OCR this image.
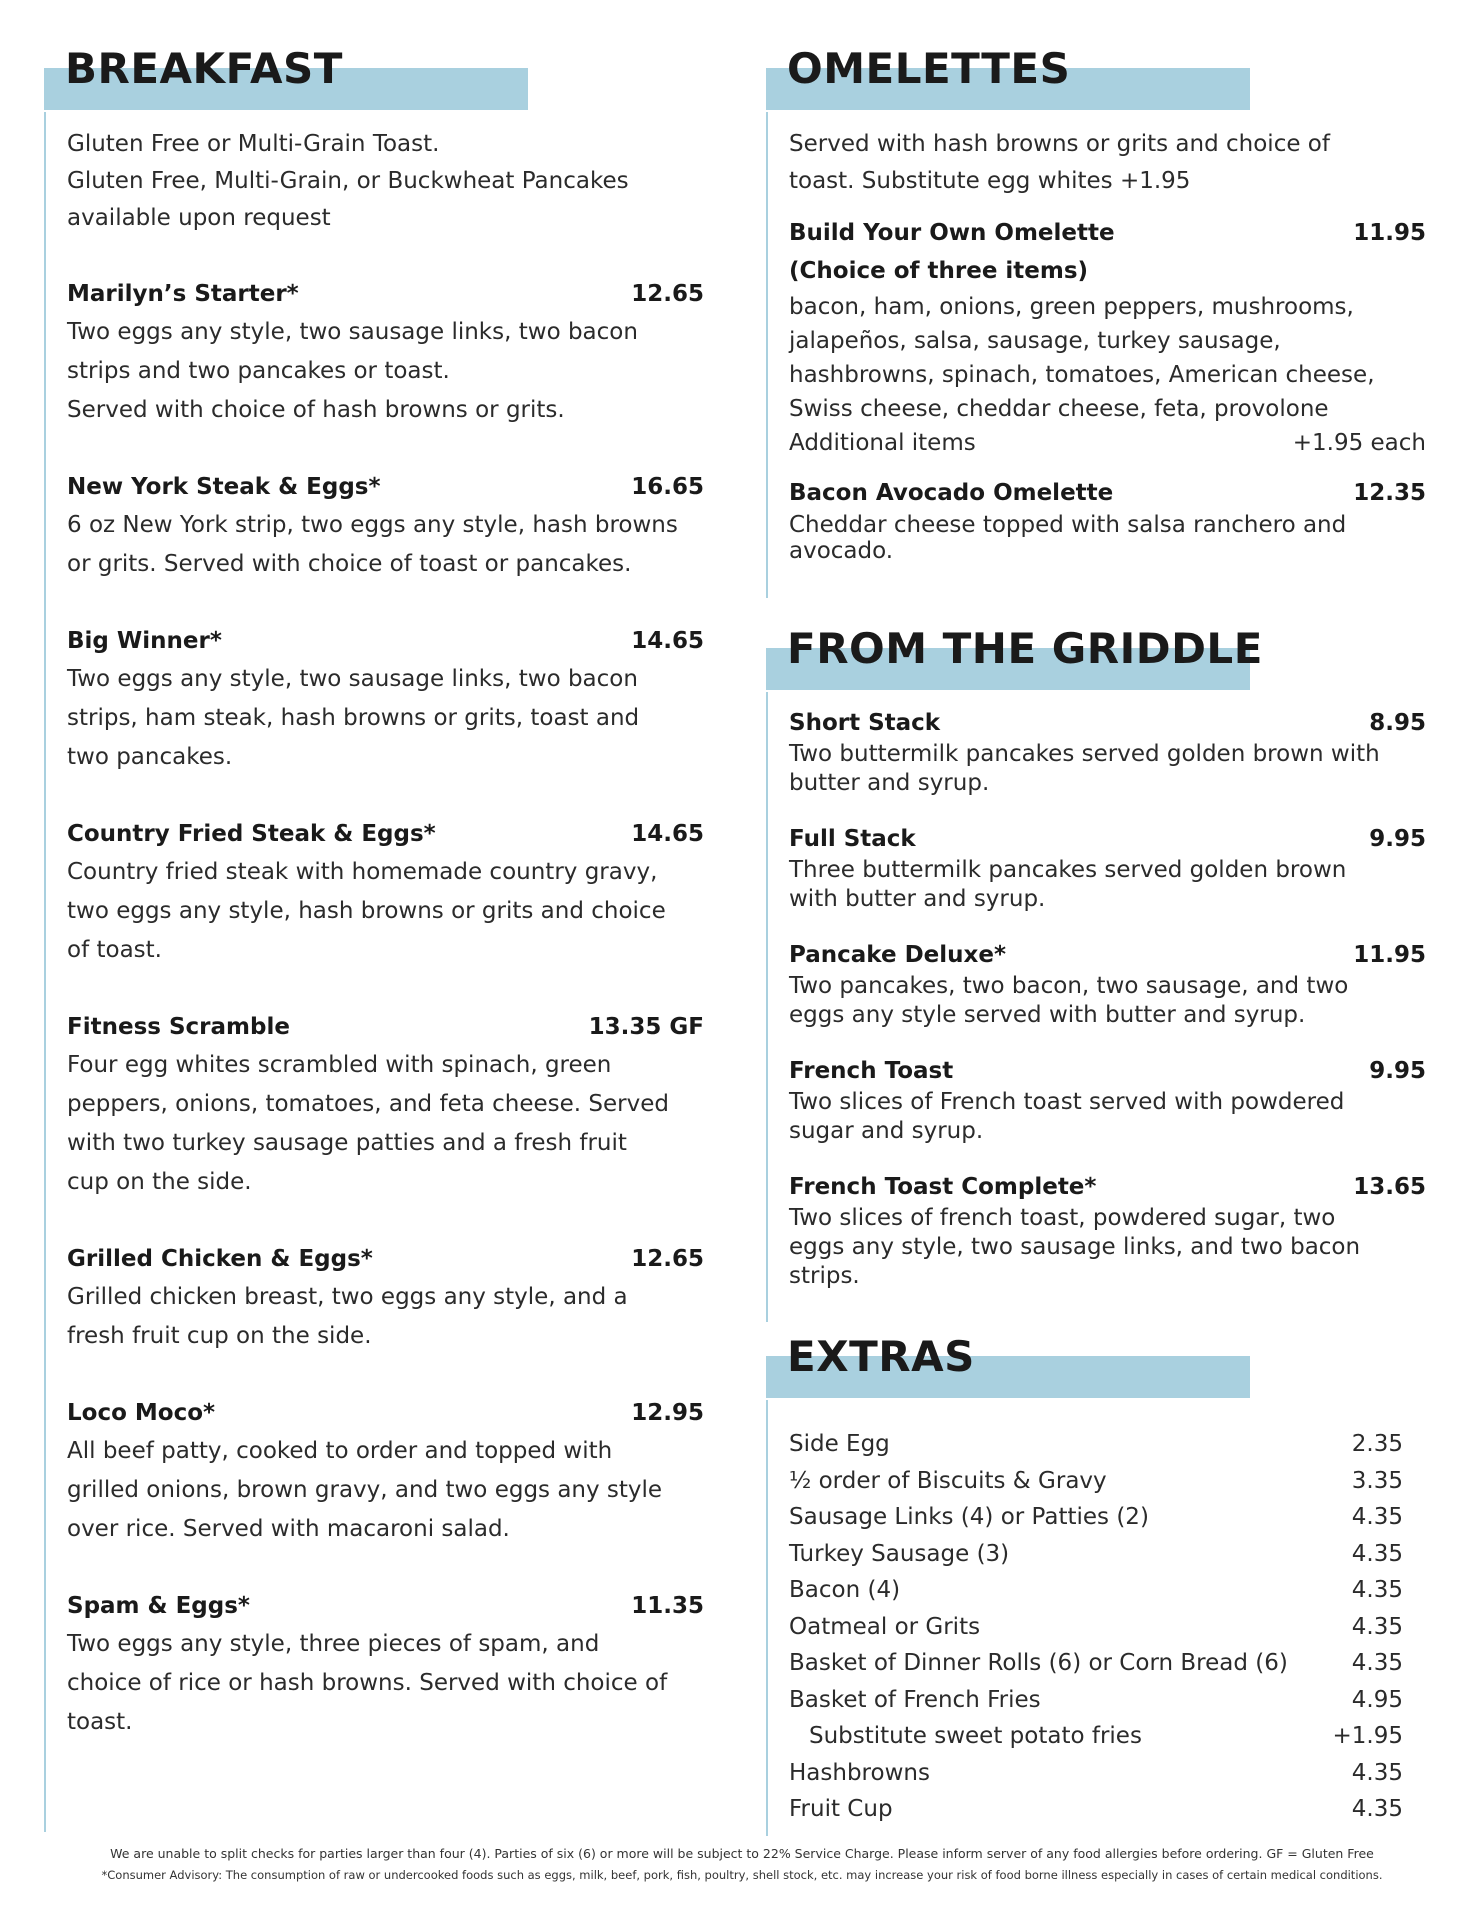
BREAKFAST

Gluten Free or Multi-Grain Toast.
Gluten Free, Multi-Grain, or Buckwheat Pancakes
available upon request

Marilyn’s Starter*	12.65

Two eggs any style, two sausage links, two bacon
strips and two pancakes or toast.
Served with choice of hash browns or grits.

New York Steak & Eggs*	16.65

6 oz New York strip, two eggs any style, hash browns
or grits. Served with choice of toast or pancakes.

Big Winner*	14.65

Two eggs any style, two sausage links, two bacon
strips, ham steak, hash browns or grits, toast and
two pancakes.

Country Fried Steak & Eggs*	14.65

Country fried steak with homemade country gravy,
two eggs any style, hash browns or grits and choice
of toast.

Fitness Scramble	13.35 GF

Four egg whites scrambled with spinach, green
peppers, onions, tomatoes, and feta cheese. Served
with two turkey sausage patties and a fresh fruit
cup on the side.

Grilled Chicken & Eggs*	12.65

Grilled chicken breast, two eggs any style, and a
fresh fruit cup on the side.

Loco Moco*	12.95

All beef patty, cooked to order and topped with
grilled onions, brown gravy, and two eggs any style
over rice. Served with macaroni salad.

Spam & Eggs*	11.35

Two eggs any style, three pieces of spam, and
choice of rice or hash browns. Served with choice of
toast.

OMELETTES

Served with hash browns or grits and choice of
toast. Substitute egg whites +1.95

Build Your Own Omelette	11.95
(Choice of three items)

bacon, ham, onions, green peppers, mushrooms,
jalapeños, salsa, sausage, turkey sausage,
hashbrowns, spinach, tomatoes, American cheese,
Swiss cheese, cheddar cheese, feta, provolone

Additional items	+1.95 each
Bacon Avocado Omelette	12.35

Cheddar cheese topped with salsa ranchero and
avocado.

FROM THE GRIDDLE
Short Stack	8.95

Two buttermilk pancakes served golden brown with
butter and syrup.

Full Stack	9.95

Three buttermilk pancakes served golden brown
with butter and syrup.

Pancake Deluxe*	11.95

Two pancakes, two bacon, two sausage, and two
eggs any style served with butter and syrup.

French Toast	9.95

Two slices of French toast served with powdered
sugar and syrup.

French Toast Complete*	13.65

Two slices of french toast, powdered sugar, two
eggs any style, two sausage links, and two bacon
strips.

EXTRAS
Side Egg	2.35
½ order of Biscuits & Gravy	3.35
Sausage Links (4) or Patties (2)	4.35
Turkey Sausage (3)	4.35
Bacon (4)	4.35
Oatmeal or Grits	4.35
Basket of Dinner Rolls (6) or Corn Bread (6)	4.35
Basket of French Fries	4.95
Substitute sweet potato fries	+1.95
Hashbrowns	4.35
Fruit Cup	4.35
We are unable to split checks for parties larger than four (4). Parties of six (6) or more will be subject to 22% Service Charge. Please inform server of any food allergies before ordering. GF = Gluten Free
*Consumer Advisory: The consumption of raw or undercooked foods such as eggs, milk, beef, pork, fish, poultry, shell stock, etc. may increase your risk of food borne illness especially in cases of certain medical conditions.
